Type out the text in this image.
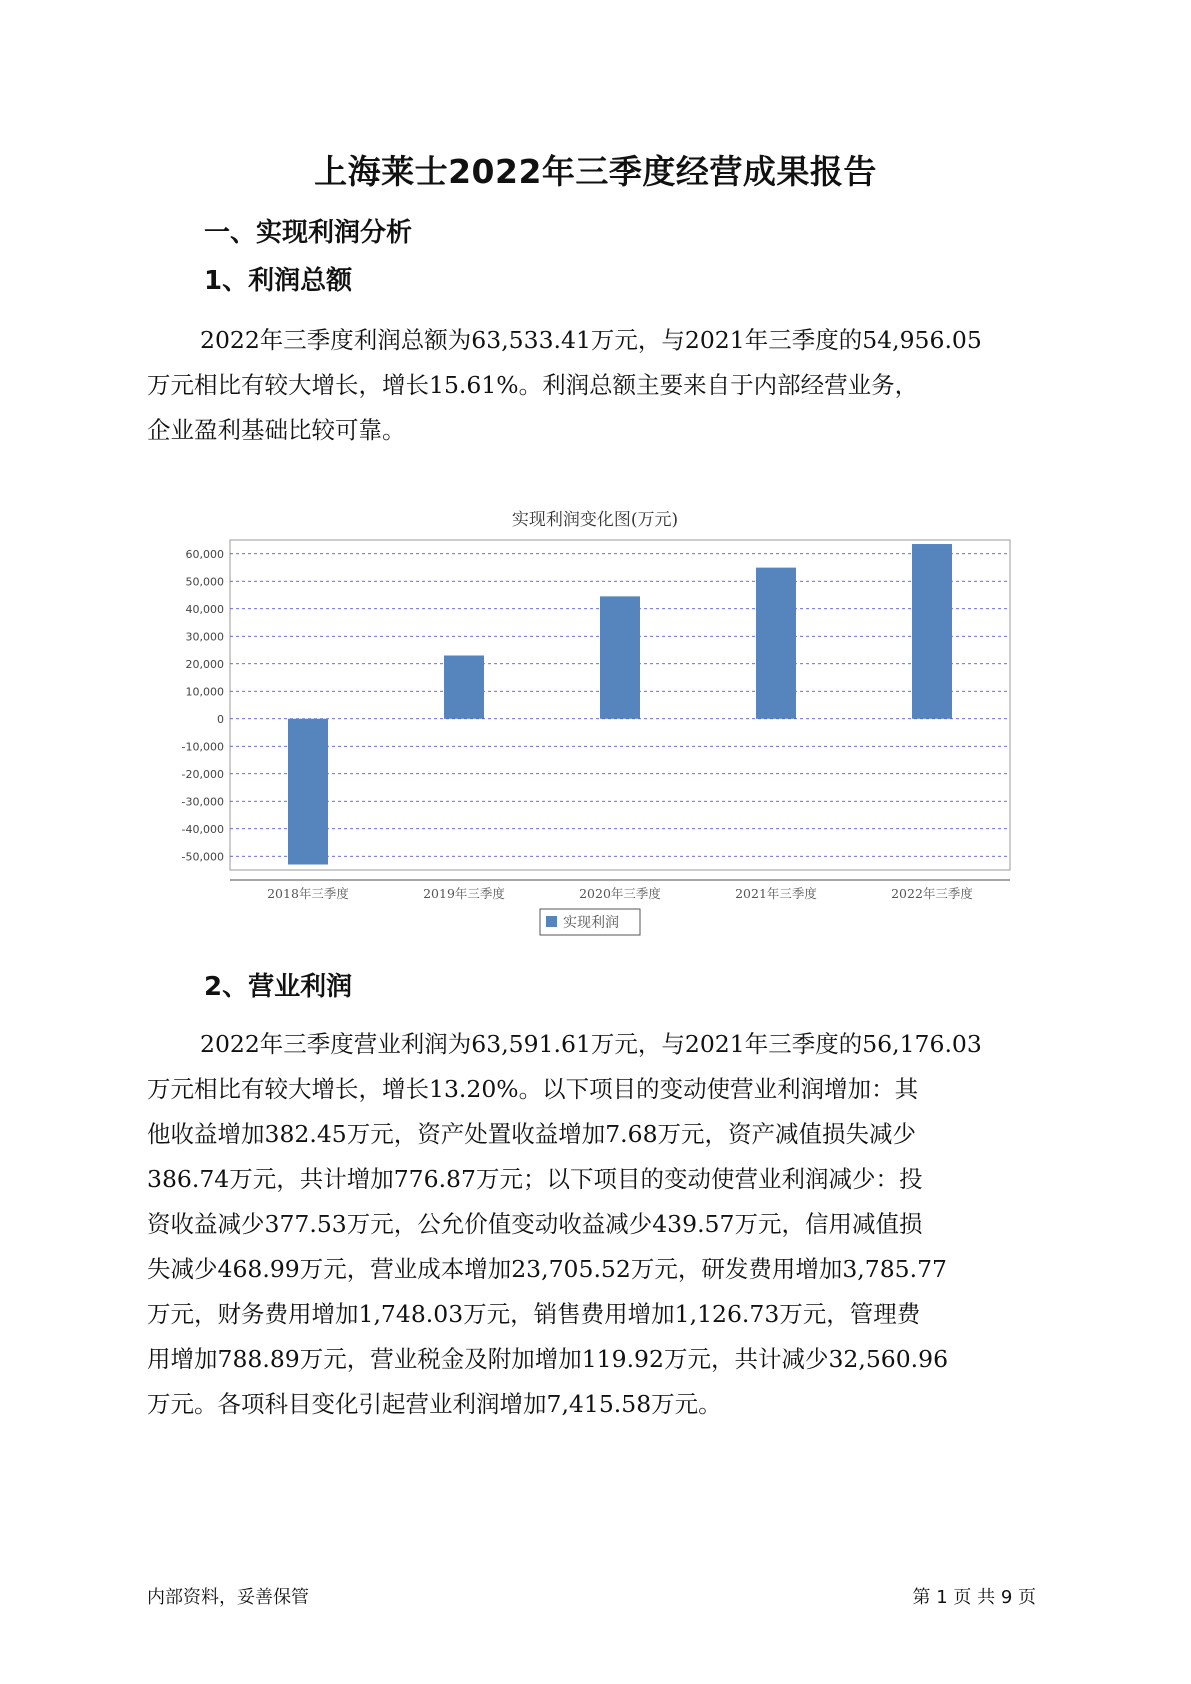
上海莱士2022年三季度经营成果报告
一、实现利润分析
1、利润总额
2022年三季度利润总额为63,533.41万元，与2021年三季度的54,956.05
万元相比有较大增长，增长15.61%。利润总额主要来自于内部经营业务，
企业盈利基础比较可靠。
实现利润变化图(万元)
60,000
50,000
40,000
30,000
20,000
10,000
0
-10,000
-20,000
-30,000
-40,000
-50,000
2018年三季度	2019年三季度	2020年三季度	2021年三季度	2022年三季度
实现利润
2、营业利润
2022年三季度营业利润为63,591.61万元，与2021年三季度的56,176.03
万元相比有较大增长，增长13.20%。以下项目的变动使营业利润增加：其
他收益增加382.45万元，资产处置收益增加7.68万元，资产减值损失减少
386.74万元，共计增加776.87万元；以下项目的变动使营业利润减少：投
资收益减少377.53万元，公允价值变动收益减少439.57万元，信用减值损
失减少468.99万元，营业成本增加23,705.52万元，研发费用增加3,785.77
万元，财务费用增加1,748.03万元，销售费用增加1,126.73万元，管理费
用增加788.89万元，营业税金及附加增加119.92万元，共计减少32,560.96
万元。各项科目变化引起营业利润增加7,415.58万元。
内部资料，妥善保管	第 1 页 共 9 页
